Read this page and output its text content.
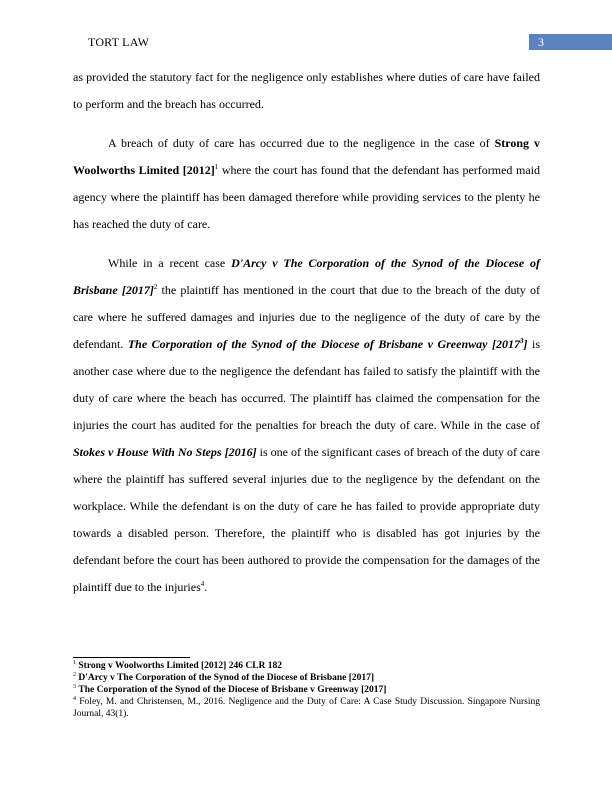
TORT LAW	3

as provided the statutory fact for the negligence only establishes where duties of care have failed to perform and the breach has occurred.

A breach of duty of care has occurred due to the negligence in the case of Strong v Woolworths Limited $[2012]^1$ where the court has found that the defendant has performed maid agency where the plaintiff has been damaged therefore while providing services to the plenty he has reached the duty of care.

While in a recent case D'Arcy v The Corporation of the Synod of the Diocese of Brisbane $[2017]^2$ the plaintiff has mentioned in the court that due to the breach of the duty of care where he suffered damages and injuries due to the negligence of the duty of care by the defendant. The Corporation of the Synod of the Diocese of Brisbane v Greenway [2017$^3$] is another case where due to the negligence the defendant has failed to satisfy the plaintiff with the duty of care where the beach has occurred. The plaintiff has claimed the compensation for the injuries the court has audited for the penalties for breach the duty of care. While in the case of Stokes v House With No Steps [2016] is one of the significant cases of breach of the duty of care where the plaintiff has suffered several injuries due to the negligence by the defendant on the workplace. While the defendant is on the duty of care he has failed to provide appropriate duty towards a disabled person. Therefore, the plaintiff who is disabled has got injuries by the defendant before the court has been authored to provide the compensation for the damages of the plaintiff due to the injuries$^4$.

$^1$ Strong v Woolworths Limited [2012] 246 CLR 182

$^2$ D'Arcy v The Corporation of the Synod of the Diocese of Brisbane [2017]

$^3$ The Corporation of the Synod of the Diocese of Brisbane v Greenway [2017]

$^4$ Foley, M. and Christensen, M., 2016. Negligence and the Duty of Care: A Case Study Discussion. Singapore Nursing Journal, 43(1).
